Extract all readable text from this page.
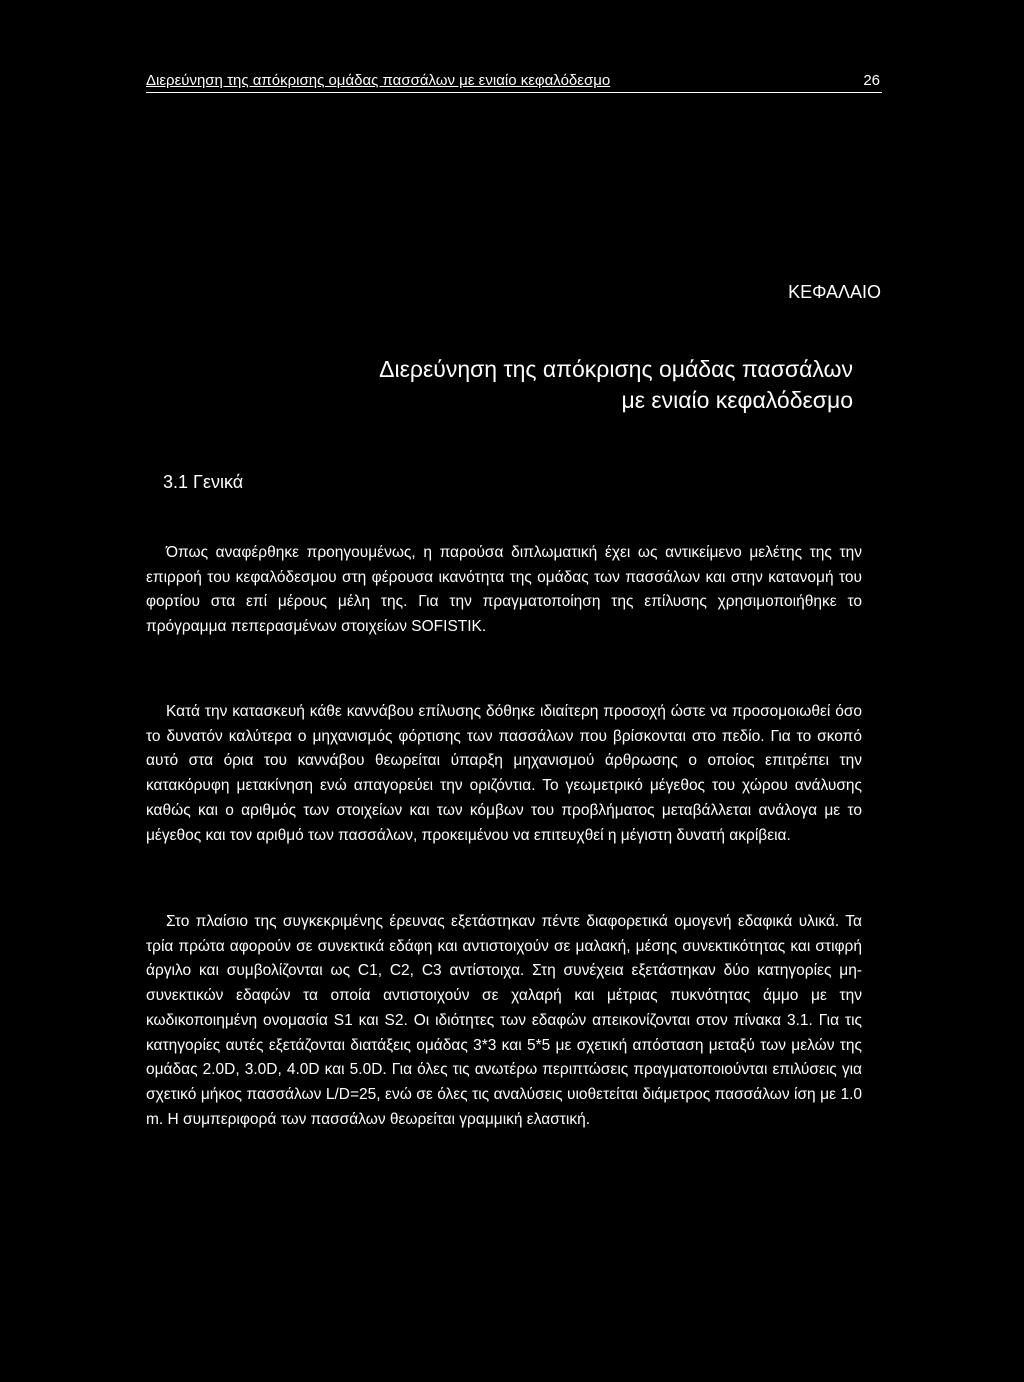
Διερεύνηση της απόκρισης ομάδας πασσάλων με ενιαίο κεφαλόδεσμο	26
ΚΕΦΑΛΑΙΟ
Διερεύνηση της απόκρισης ομάδας πασσάλων
με ενιαίο κεφαλόδεσμο
3.1 Γενικά

Όπως αναφέρθηκε προηγουμένως, η παρούσα διπλωματική έχει ως αντικείμενο μελέτης της την επιρροή του κεφαλόδεσμου στη φέρουσα ικανότητα της ομάδας των πασσάλων και στην κατανομή του φορτίου στα επί μέρους μέλη της. Για την πραγματοποίηση της επίλυσης χρησιμοποιήθηκε το πρόγραμμα πεπερασμένων στοιχείων SOFISTIK.

Κατά την κατασκευή κάθε καννάβου επίλυσης δόθηκε ιδιαίτερη προσοχή ώστε να προσομοιωθεί όσο το δυνατόν καλύτερα ο μηχανισμός φόρτισης των πασσάλων που βρίσκονται στο πεδίο. Για το σκοπό αυτό στα όρια του καννάβου θεωρείται ύπαρξη μηχανισμού άρθρωσης ο οποίος επιτρέπει την κατακόρυφη μετακίνηση ενώ απαγορεύει την οριζόντια. Το γεωμετρικό μέγεθος του χώρου ανάλυσης καθώς και ο αριθμός των στοιχείων και των κόμβων του προβλήματος μεταβάλλεται ανάλογα με το μέγεθος και τον αριθμό των πασσάλων, προκειμένου να επιτευχθεί η μέγιστη δυνατή ακρίβεια.

Στο πλαίσιο της συγκεκριμένης έρευνας εξετάστηκαν πέντε διαφορετικά ομογενή εδαφικά υλικά. Τα τρία πρώτα αφορούν σε συνεκτικά εδάφη και αντιστοιχούν σε μαλακή, μέσης συνεκτικότητας και στιφρή άργιλο και συμβολίζονται ως C1, C2, C3 αντίστοιχα. Στη συνέχεια εξετάστηκαν δύο κατηγορίες μη-συνεκτικών εδαφών τα οποία αντιστοιχούν σε χαλαρή και μέτριας πυκνότητας άμμο με την κωδικοποιημένη ονομασία S1 και S2. Οι ιδιότητες των εδαφών απεικονίζονται στον πίνακα 3.1. Για τις κατηγορίες αυτές εξετάζονται διατάξεις ομάδας 3*3 και 5*5 με σχετική απόσταση μεταξύ των μελών της ομάδας 2.0D, 3.0D, 4.0D και 5.0D. Για όλες τις ανωτέρω περιπτώσεις πραγματοποιούνται επιλύσεις για σχετικό μήκος πασσάλων L/D=25, ενώ σε όλες τις αναλύσεις υιοθετείται διάμετρος πασσάλων ίση με 1.0 m. Η συμπεριφορά των πασσάλων θεωρείται γραμμική ελαστική.
